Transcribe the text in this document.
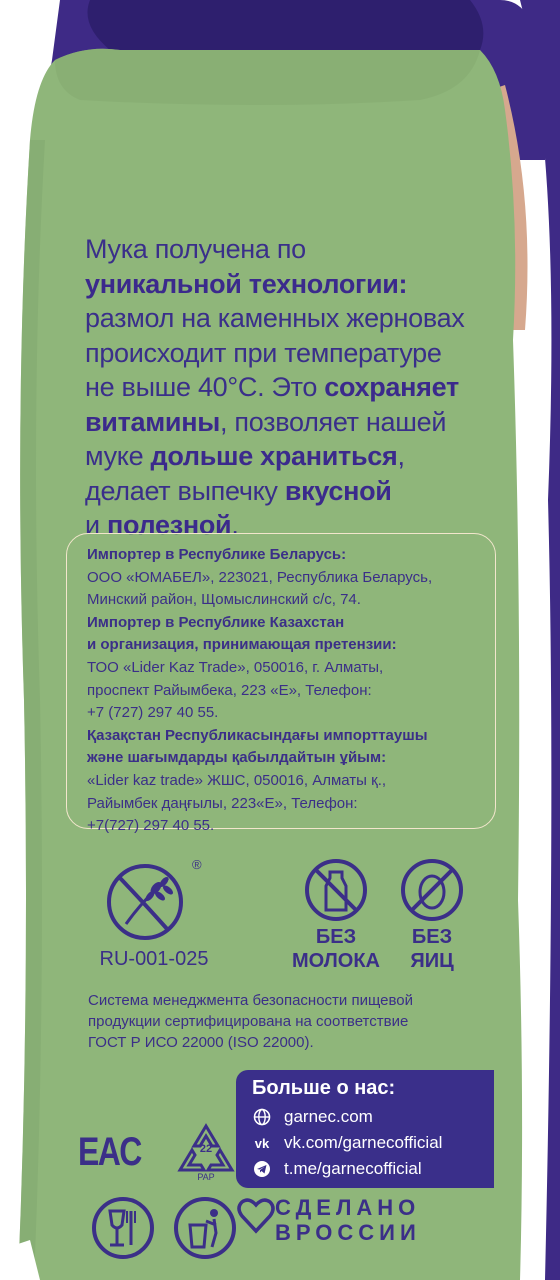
Мука получена по
уникальной технологии:
размол на каменных жерновах
происходит при температуре
не выше 40°С. Это сохраняет
витамины, позволяет нашей
муке дольше храниться,
делает выпечку вкусной
и полезной.
Импортер в Республике Беларусь:
ООО «ЮМАБЕЛ», 223021, Республика Беларусь,
Минский район, Щомыслинский с/с, 74.
Импортер в Республике Казахстан
и организация, принимающая претензии:
ТОО «Lider Kaz Trade», 050016, г. Алматы,
проспект Райымбека, 223 «Е», Телефон:
+7 (727) 297 40 55.
Қазақстан Республикасындағы импорттаушы
және шағымдарды қабылдайтын ұйым:
«Lider kaz trade» ЖШС, 050016, Алматы қ.,
Райымбек даңғылы, 223«Е», Телефон:
+7(727) 297 40 55.
®
RU-001-025
БЕЗ
МОЛОКА
БЕЗ
ЯИЦ
Система менеджмента безопасности пищевой
продукции сертифицирована на соответствие
ГОСТ Р ИСО 22000 (ISO 22000).
Больше о нас:
garnec.com
vk vk.com/garnecofficial
t.me/garnecofficial
EAC	22
PAP
СДЕЛАНО
ВРОССИИ
